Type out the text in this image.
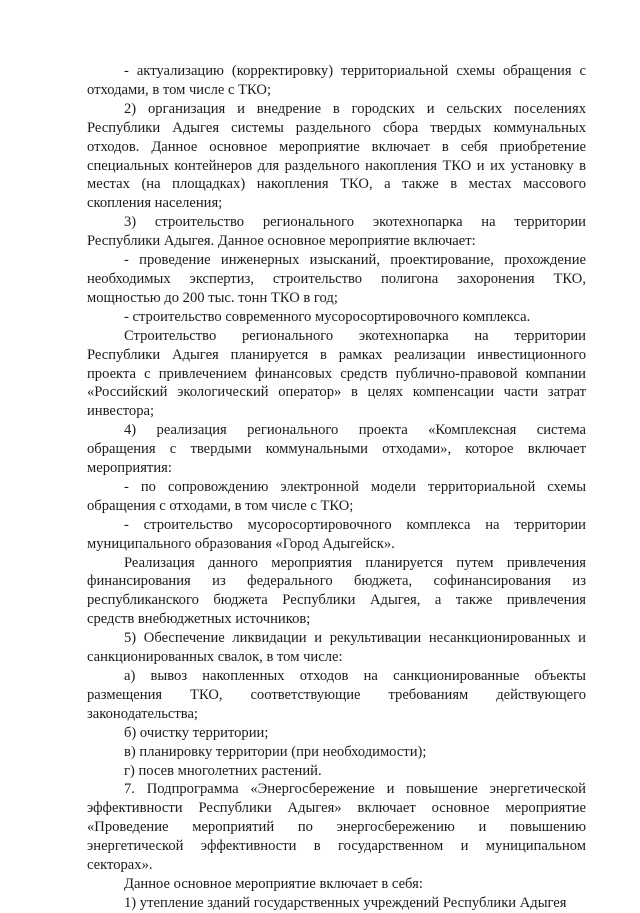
- актуализацию (корректировку) территориальной схемы обращения с
отходами, в том числе с ТКО;
2) организация и внедрение в городских и сельских поселениях
Республики Адыгея системы раздельного сбора твердых коммунальных
отходов. Данное основное мероприятие включает в себя приобретение
специальных контейнеров для раздельного накопления ТКО и их установку в
местах (на площадках) накопления ТКО, а также в местах массового
скопления населения;
3) строительство регионального экотехнопарка на территории
Республики Адыгея. Данное основное мероприятие включает:
- проведение инженерных изысканий, проектирование, прохождение
необходимых экспертиз, строительство полигона захоронения ТКО,
мощностью до 200 тыс. тонн ТКО в год;
- строительство современного мусоросортировочного комплекса.
Строительство регионального экотехнопарка на территории
Республики Адыгея планируется в рамках реализации инвестиционного
проекта с привлечением финансовых средств публично-правовой компании
«Российский экологический оператор» в целях компенсации части затрат
инвестора;
4) реализация регионального проекта «Комплексная система
обращения с твердыми коммунальными отходами», которое включает
мероприятия:
- по сопровождению электронной модели территориальной схемы
обращения с отходами, в том числе с ТКО;
- строительство мусоросортировочного комплекса на территории
муниципального образования «Город Адыгейск».
Реализация данного мероприятия планируется путем привлечения
финансирования из федерального бюджета, софинансирования из
республиканского бюджета Республики Адыгея, а также привлечения
средств внебюджетных источников;
5) Обеспечение ликвидации и рекультивации несанкционированных и
санкционированных свалок, в том числе:
а) вывоз накопленных отходов на санкционированные объекты
размещения ТКО, соответствующие требованиям действующего
законодательства;
б) очистку территории;
в) планировку территории (при необходимости);
г) посев многолетних растений.
7. Подпрограмма «Энергосбережение и повышение энергетической
эффективности Республики Адыгея» включает основное мероприятие
«Проведение мероприятий по энергосбережению и повышению
энергетической эффективности в государственном и муниципальном
секторах».
Данное основное мероприятие включает в себя:
1) утепление зданий государственных учреждений Республики Адыгея
